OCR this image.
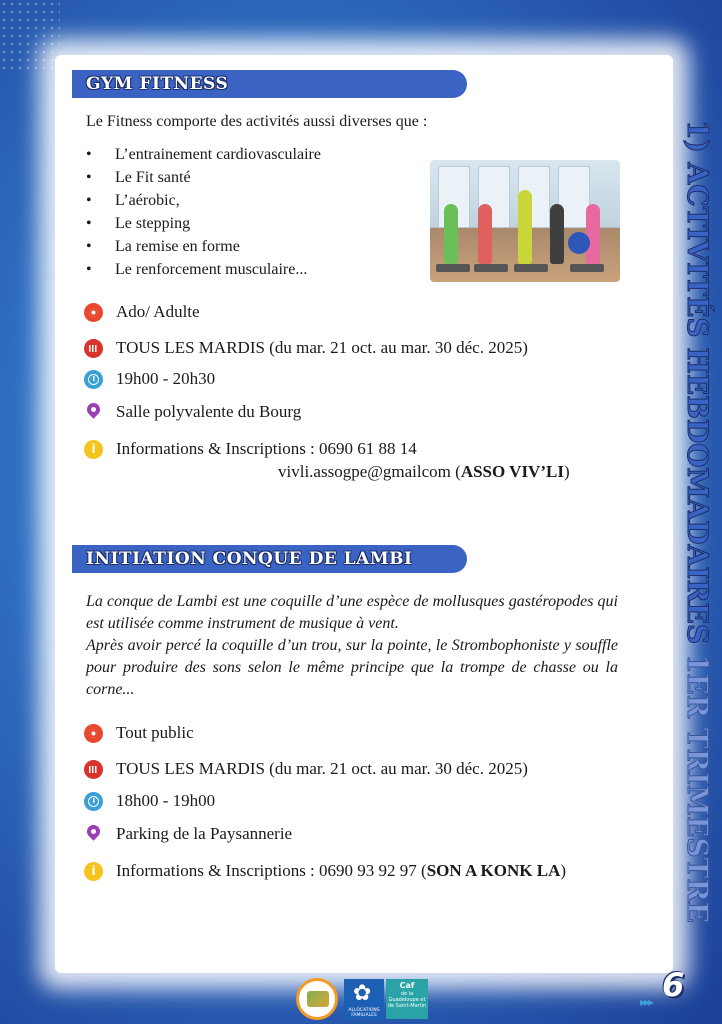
GYM FITNESS
Le Fitness comporte des activités aussi diverses que :
• L’entrainement cardiovasculaire
• Le Fit santé
• L’aérobic,
• Le stepping
• La remise en forme
• Le renforcement musculaire...
Ado/ Adulte
TOUS LES MARDIS (du mar. 21 oct. au mar. 30 déc. 2025)
19h00 - 20h30
Salle polyvalente du Bourg
i	Informations & Inscriptions : 0690 61 88 14
vivli.assogpe@gmailcom (ASSO VIV’LI)
INITIATION CONQUE DE LAMBI

La conque de Lambi est une coquille d’une espèce de mollusques gastéropodes qui est utilisée comme instrument de musique à vent.

Après avoir percé la coquille d’un trou, sur la pointe, le Strombophoniste y souffle pour produire des sons selon le même principe que la trompe de chasse ou la corne...

Tout public
TOUS LES MARDIS (du mar. 21 oct. au mar. 30 déc. 2025)
18h00 - 19h00
Parking de la Paysannerie
i	Informations & Inscriptions : 0690 93 92 97 (SON A KONK LA)
1) ACTIVITÉS HEBDOMADAIRES 1ER TRIMESTRE
✿
ALLOCATIONS FAMILIALES
Caf
de la Guadeloupe et de Saint-Martin	▸▸▸ 6
